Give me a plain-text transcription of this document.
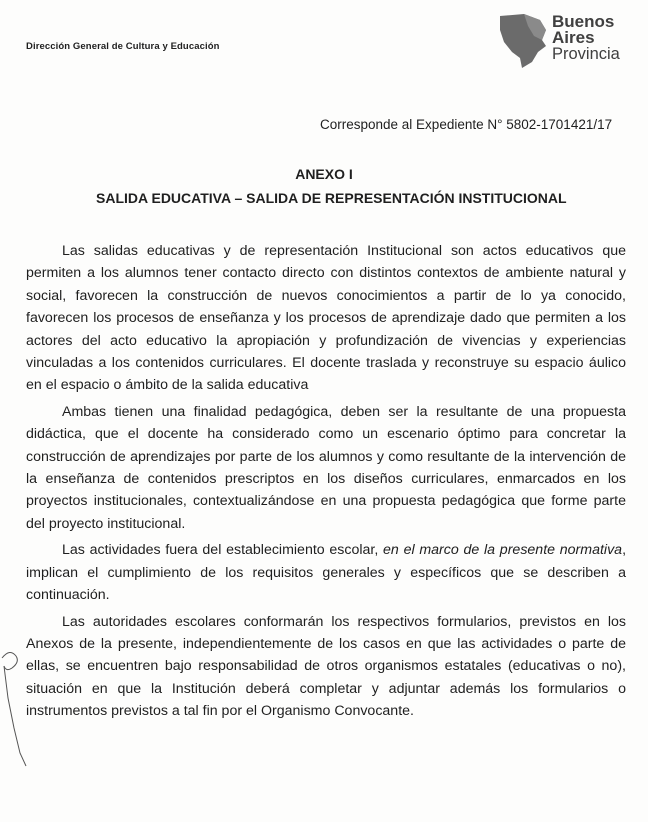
Dirección General de Cultura y Educación
Buenos
Aires
Provincia
Corresponde al Expediente N° 5802-1701421/17
ANEXO I
SALIDA EDUCATIVA – SALIDA DE REPRESENTACIÓN INSTITUCIONAL

Las salidas educativas y de representación Institucional son actos educativos que permiten a los alumnos tener contacto directo con distintos contextos de ambiente natural y social, favorecen la construcción de nuevos conocimientos a partir de lo ya conocido, favorecen los procesos de enseñanza y los procesos de aprendizaje dado que permiten a los actores del acto educativo la apropiación y profundización de vivencias y experiencias vinculadas a los contenidos curriculares. El docente traslada y reconstruye su espacio áulico en el espacio o ámbito de la salida educativa

Ambas tienen una finalidad pedagógica, deben ser la resultante de una propuesta didáctica, que el docente ha considerado como un escenario óptimo para concretar la construcción de aprendizajes por parte de los alumnos y como resultante de la intervención de la enseñanza de contenidos prescriptos en los diseños curriculares, enmarcados en los proyectos institucionales, contextualizándose en una propuesta pedagógica que forme parte del proyecto institucional.

Las actividades fuera del establecimiento escolar, en el marco de la presente normativa, implican el cumplimiento de los requisitos generales y específicos que se describen a continuación.

Las autoridades escolares conformarán los respectivos formularios, previstos en los Anexos de la presente, independientemente de los casos en que las actividades o parte de ellas, se encuentren bajo responsabilidad de otros organismos estatales (educativas o no), situación en que la Institución deberá completar y adjuntar además los formularios o instrumentos previstos a tal fin por el Organismo Convocante.
